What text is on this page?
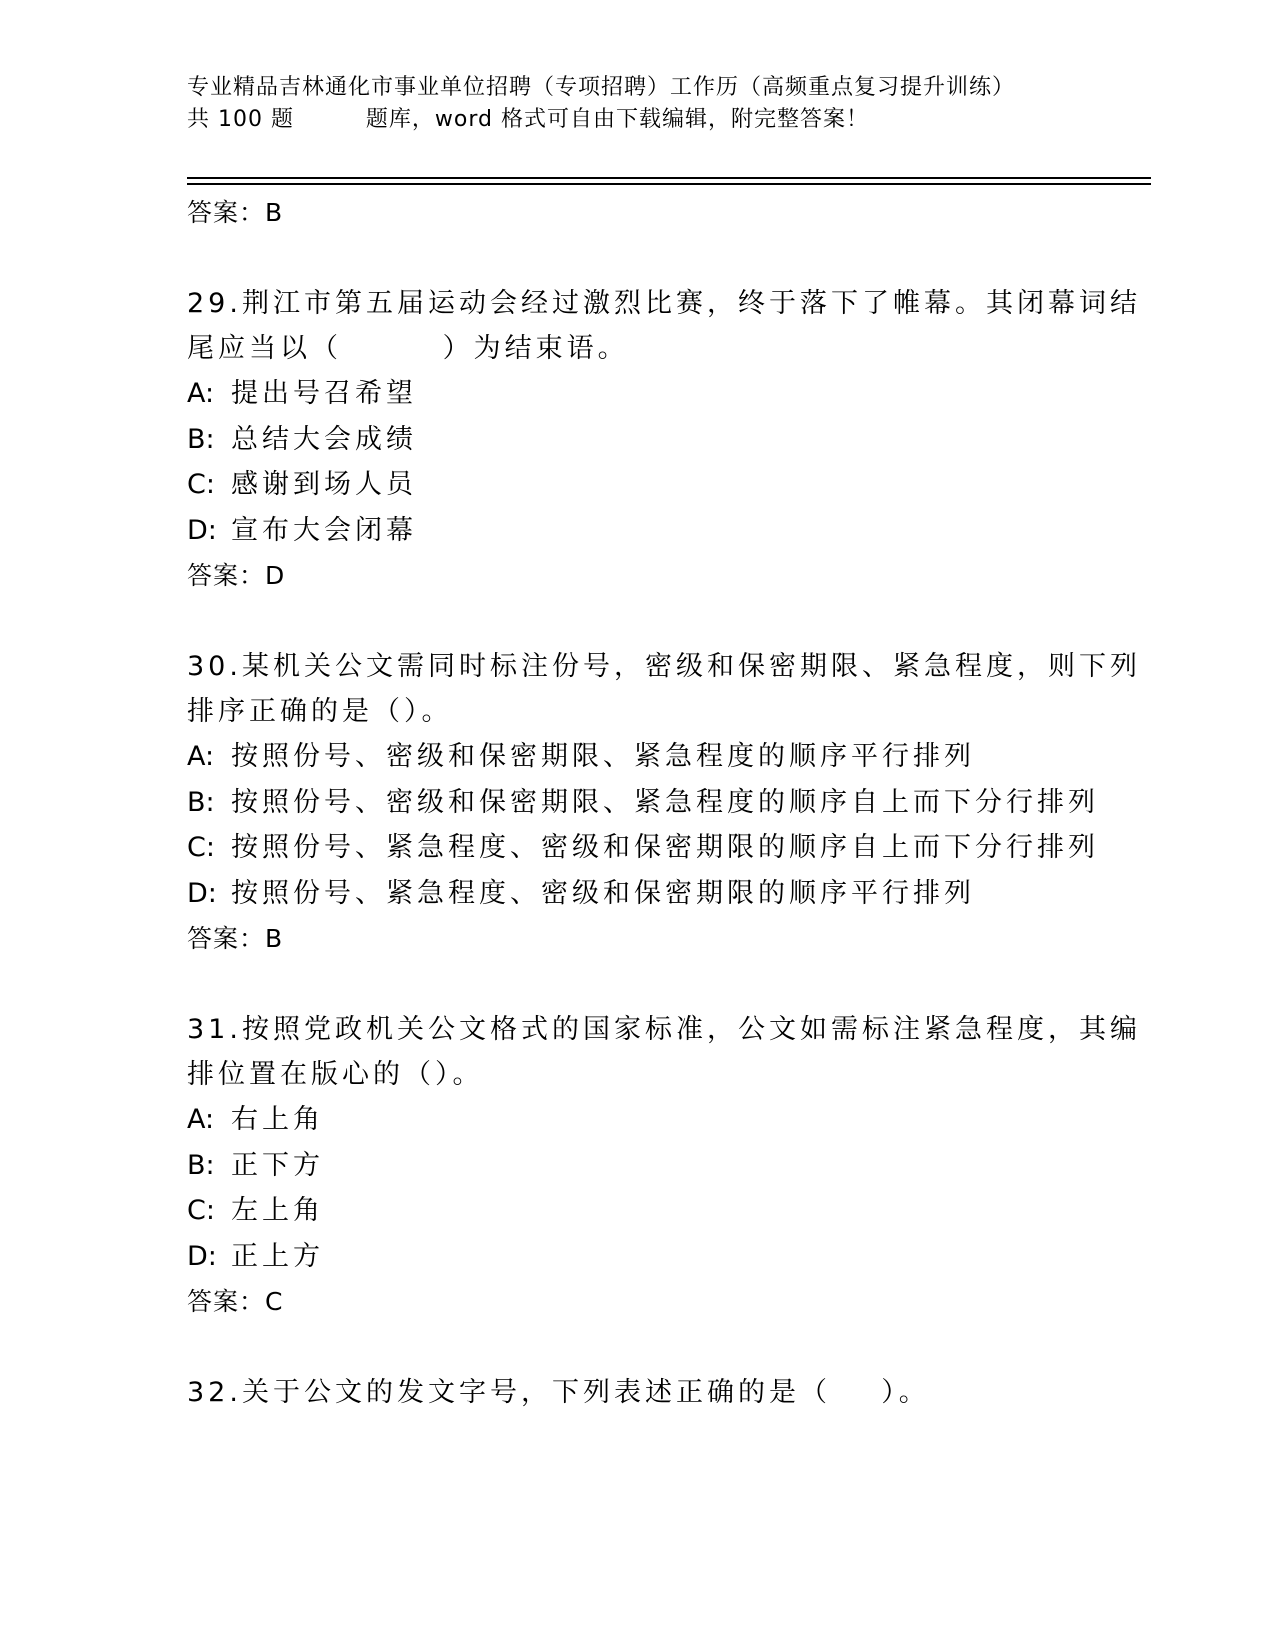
专业精品吉林通化市事业单位招聘（专项招聘）工作历（高频重点复习提升训练）
共 100 题         题库，word 格式可自由下载编辑，附完整答案！
答案：B
29.荆江市第五届运动会经过激烈比赛，终于落下了帷幕。其闭幕词结
尾应当以（        ）为结束语。
A: 提出号召希望
B: 总结大会成绩
C: 感谢到场人员
D: 宣布大会闭幕
答案：D
30.某机关公文需同时标注份号，密级和保密期限、紧急程度，则下列
排序正确的是（）。
A: 按照份号、密级和保密期限、紧急程度的顺序平行排列
B: 按照份号、密级和保密期限、紧急程度的顺序自上而下分行排列
C: 按照份号、紧急程度、密级和保密期限的顺序自上而下分行排列
D: 按照份号、紧急程度、密级和保密期限的顺序平行排列
答案：B
31.按照党政机关公文格式的国家标准，公文如需标注紧急程度，其编
排位置在版心的（）。
A: 右上角
B: 正下方
C: 左上角
D: 正上方
答案：C
32.关于公文的发文字号，下列表述正确的是（    ）。
